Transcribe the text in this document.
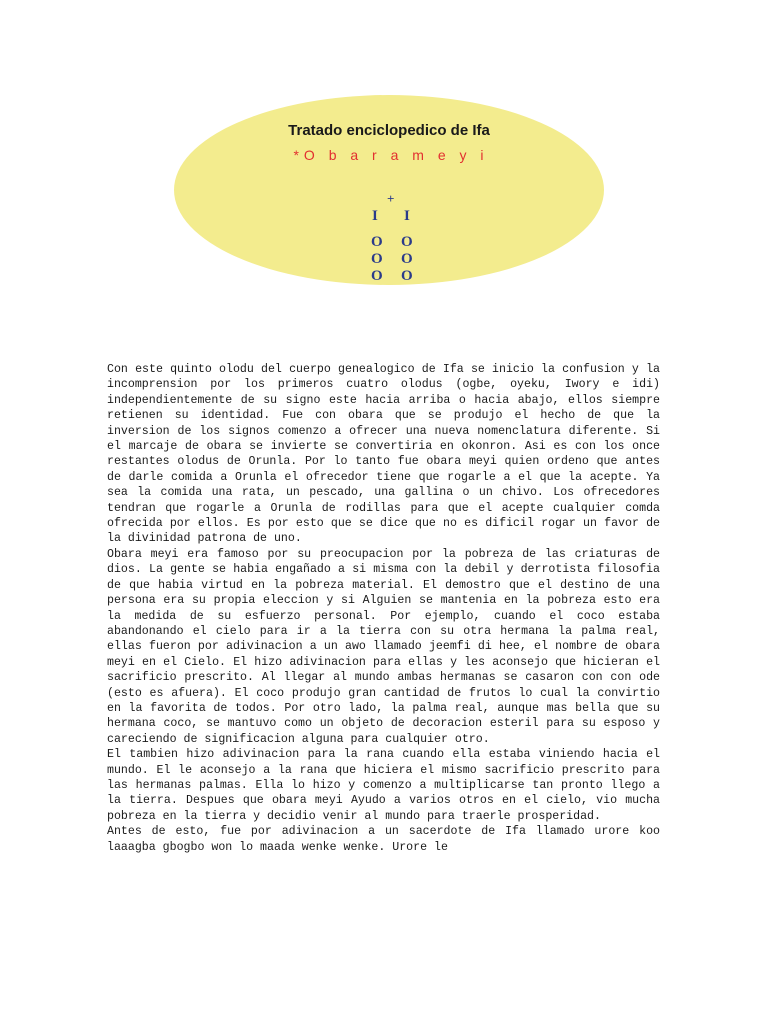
Tratado enciclopedico de Ifa
*O b a r a m e y i
+
I I
O O
O O
O O

Con este quinto olodu del cuerpo genealogico de Ifa se inicio la confusion y la incomprension por los primeros cuatro olodus (ogbe, oyeku, Iwory e idi) independientemente de su signo este hacia arriba o hacia abajo, ellos siempre retienen su identidad. Fue con obara que se produjo el hecho de que la inversion de los signos comenzo a ofrecer una nueva nomenclatura diferente. Si el marcaje de obara se invierte se convertiria en okonron. Asi es con los once restantes olodus de Orunla. Por lo tanto fue obara meyi quien ordeno que antes de darle comida a Orunla el ofrecedor tiene que rogarle a el que la acepte. Ya sea la comida una rata, un pescado, una gallina o un chivo. Los ofrecedores tendran que rogarle a Orunla de rodillas para que el acepte cualquier comda ofrecida por ellos. Es por esto que se dice que no es dificil rogar un favor de la divinidad patrona de uno.

Obara meyi era famoso por su preocupacion por la pobreza de las criaturas de dios. La gente se habia engañado a si misma con la debil y derrotista filosofia de que habia virtud en la pobreza material. El demostro que el destino de una persona era su propia eleccion y si Alguien se mantenia en la pobreza esto era la medida de su esfuerzo personal. Por ejemplo, cuando el coco estaba abandonando el cielo para ir a la tierra con su otra hermana la palma real, ellas fueron por adivinacion a un awo llamado jeemfi di hee, el nombre de obara meyi en el Cielo. El hizo adivinacion para ellas y les aconsejo que hicieran el sacrificio prescrito. Al llegar al mundo ambas hermanas se casaron con con ode (esto es afuera). El coco produjo gran cantidad de frutos lo cual la convirtio en la favorita de todos. Por otro lado, la palma real, aunque mas bella que su hermana coco, se mantuvo como un objeto de decoracion esteril para su esposo y careciendo de significacion alguna para cualquier otro.

El tambien hizo adivinacion para la rana cuando ella estaba viniendo hacia el mundo. El le aconsejo a la rana que hiciera el mismo sacrificio prescrito para las hermanas palmas. Ella lo hizo y comenzo a multiplicarse tan pronto llego a la tierra. Despues que obara meyi Ayudo a varios otros en el cielo, vio mucha pobreza en la tierra y decidio venir al mundo para traerle prosperidad.

Antes de esto, fue por adivinacion a un sacerdote de Ifa llamado urore koo laaagba gbogbo won lo maada wenke wenke. Urore le
